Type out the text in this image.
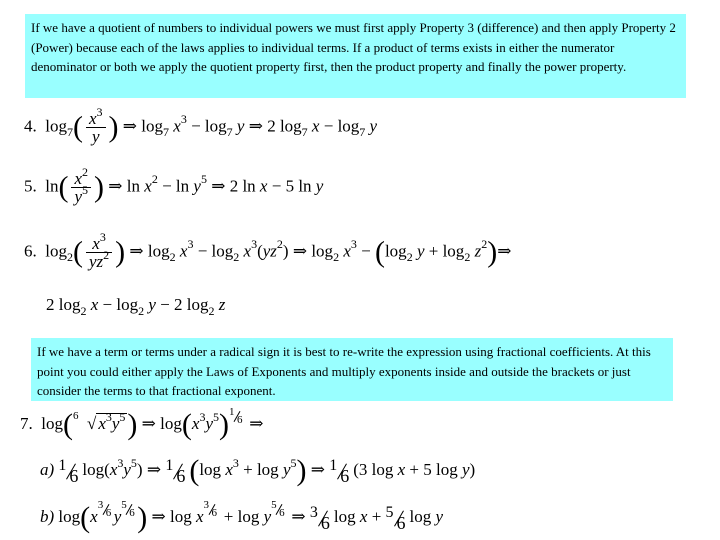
If we have a quotient of numbers to individual powers we must first apply Property 3 (difference) and then apply Property 2 (Power) because each of the laws applies to individual terms. If a product of terms exists in either the numerator denominator or both we apply the quotient property first, then the product property and finally the power property.
4.  $\log_7( \frac{x^3}{y}$ ) ⇒ $\log_7 x^3 - \log_7 y$ ⇒ 2 $\log_7 x - \log_7 y$
5.  $\ln( \frac{x^2}{y^5}$ ) ⇒ $\ln x^2 - \ln y^5$ ⇒ 2 ln x − 5 ln y
6.  $\log_2( \frac{x^3}{yz^2}$ ) ⇒ $\log_2 x^3 - \log_2 x^3(yz^2)$ ⇒ $\log_2 x^3 - (\log_2$ $y + \log_2$ $z^2)\Rightarrow$
2 $\log_2 x - \log_2 y - 2$ $\log_2 z$
If we have a term or terms under a radical sign it is best to re-write the expression using fractional coefficients. At this point you could either apply the Laws of Exponents and multiply exponents inside and outside the brackets or just consider the terms to that fractional exponent.
7.  log( 6 √ $x^3y^5$) ⇒ $\log(x^3y^5)$ 1
6 ⇒
a) 1
6 $\log(x^3y^5)$ ⇒ 1
6 (log $x^3 + \log y^5$) ⇒ 1
6 (3 log x + 5 log y)
b) log(x
3
6 y
5
6 ) ⇒ log x
3
6 + log y
5
6 ⇒ 3
6 log x + 5
6 log y
